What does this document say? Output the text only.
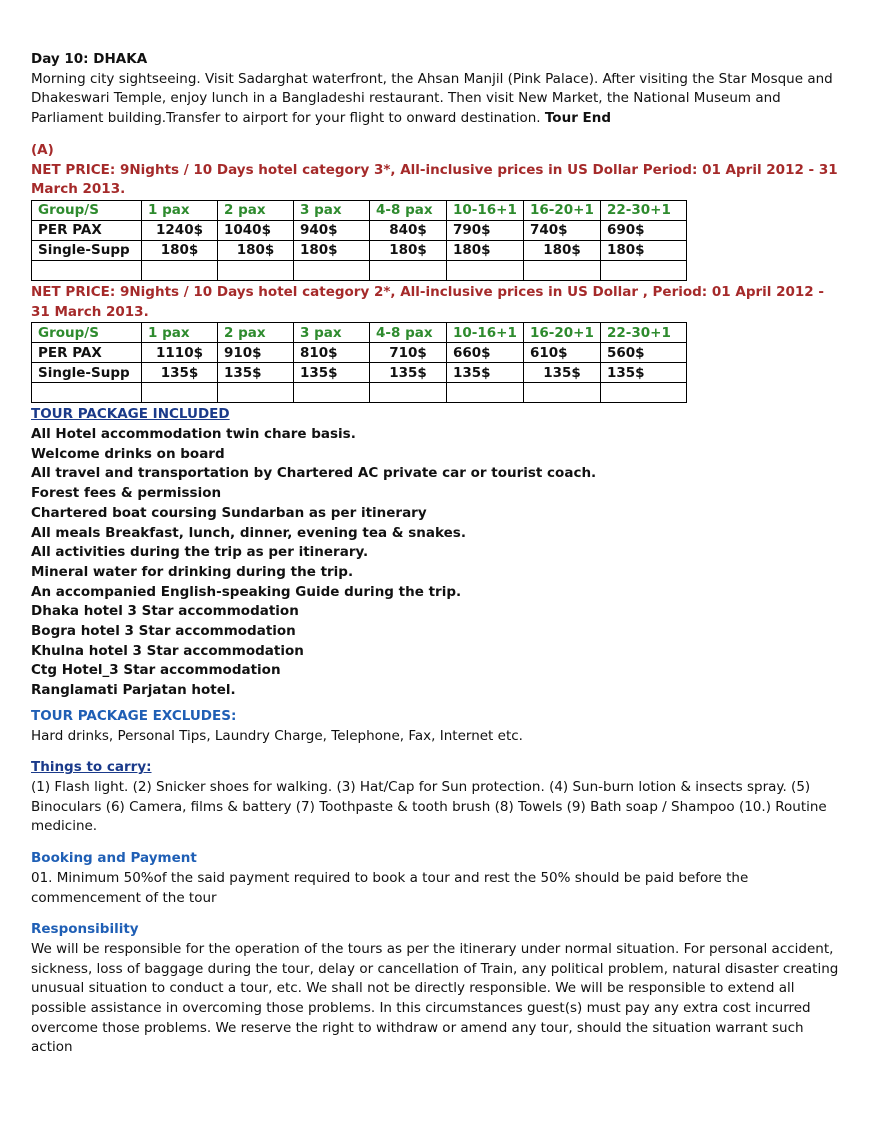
Day 10: DHAKA
Morning city sightseeing. Visit Sadarghat waterfront, the Ahsan Manjil (Pink Palace). After visiting the Star Mosque and Dhakeswari Temple, enjoy lunch in a Bangladeshi restaurant. Then visit New Market, the National Museum and Parliament building.Transfer to airport for your flight to onward destination. Tour End
(A)
NET PRICE: 9Nights / 10 Days hotel category 3*, All-inclusive prices in US Dollar Period: 01 April 2012 - 31 March 2013.
Group/S	1 pax	2 pax	3 pax	4-8 pax	10-16+1	16-20+1	22-30+1
PER PAX	1240$	1040$	940$	840$	790$	740$	690$
Single-Supp	180$	180$	180$	180$	180$	180$	180$

NET PRICE: 9Nights / 10 Days hotel category 2*, All-inclusive prices in US Dollar , Period: 01 April 2012 - 31 March 2013.
Group/S	1 pax	2 pax	3 pax	4-8 pax	10-16+1	16-20+1	22-30+1
PER PAX	1110$	910$	810$	710$	660$	610$	560$
Single-Supp	135$	135$	135$	135$	135$	135$	135$

TOUR PACKAGE INCLUDED
All Hotel accommodation twin chare basis.
Welcome drinks on board
All travel and transportation by Chartered AC private car or tourist coach.
Forest fees & permission
Chartered boat coursing Sundarban as per itinerary
All meals Breakfast, lunch, dinner, evening tea & snakes.
All activities during the trip as per itinerary.
Mineral water for drinking during the trip.
An accompanied English-speaking Guide during the trip.
Dhaka hotel 3 Star accommodation
Bogra hotel 3 Star accommodation
Khulna hotel 3 Star accommodation
Ctg Hotel_3 Star accommodation
Ranglamati Parjatan hotel.
TOUR PACKAGE EXCLUDES:
Hard drinks, Personal Tips, Laundry Charge, Telephone, Fax, Internet etc.
Things to carry:
(1) Flash light. (2) Snicker shoes for walking. (3) Hat/Cap for Sun protection. (4) Sun-burn lotion & insects spray. (5) Binoculars (6) Camera, films & battery (7) Toothpaste & tooth brush (8) Towels (9) Bath soap / Shampoo (10.) Routine medicine.
Booking and Payment
01. Minimum 50%of the said payment required to book a tour and rest the 50% should be paid before the commencement of the tour
Responsibility
We will be responsible for the operation of the tours as per the itinerary under normal situation. For personal accident, sickness, loss of baggage during the tour, delay or cancellation of Train, any political problem, natural disaster creating unusual situation to conduct a tour, etc. We shall not be directly responsible. We will be responsible to extend all possible assistance in overcoming those problems. In this circumstances guest(s) must pay any extra cost incurred overcome those problems. We reserve the right to withdraw or amend any tour, should the situation warrant such action
